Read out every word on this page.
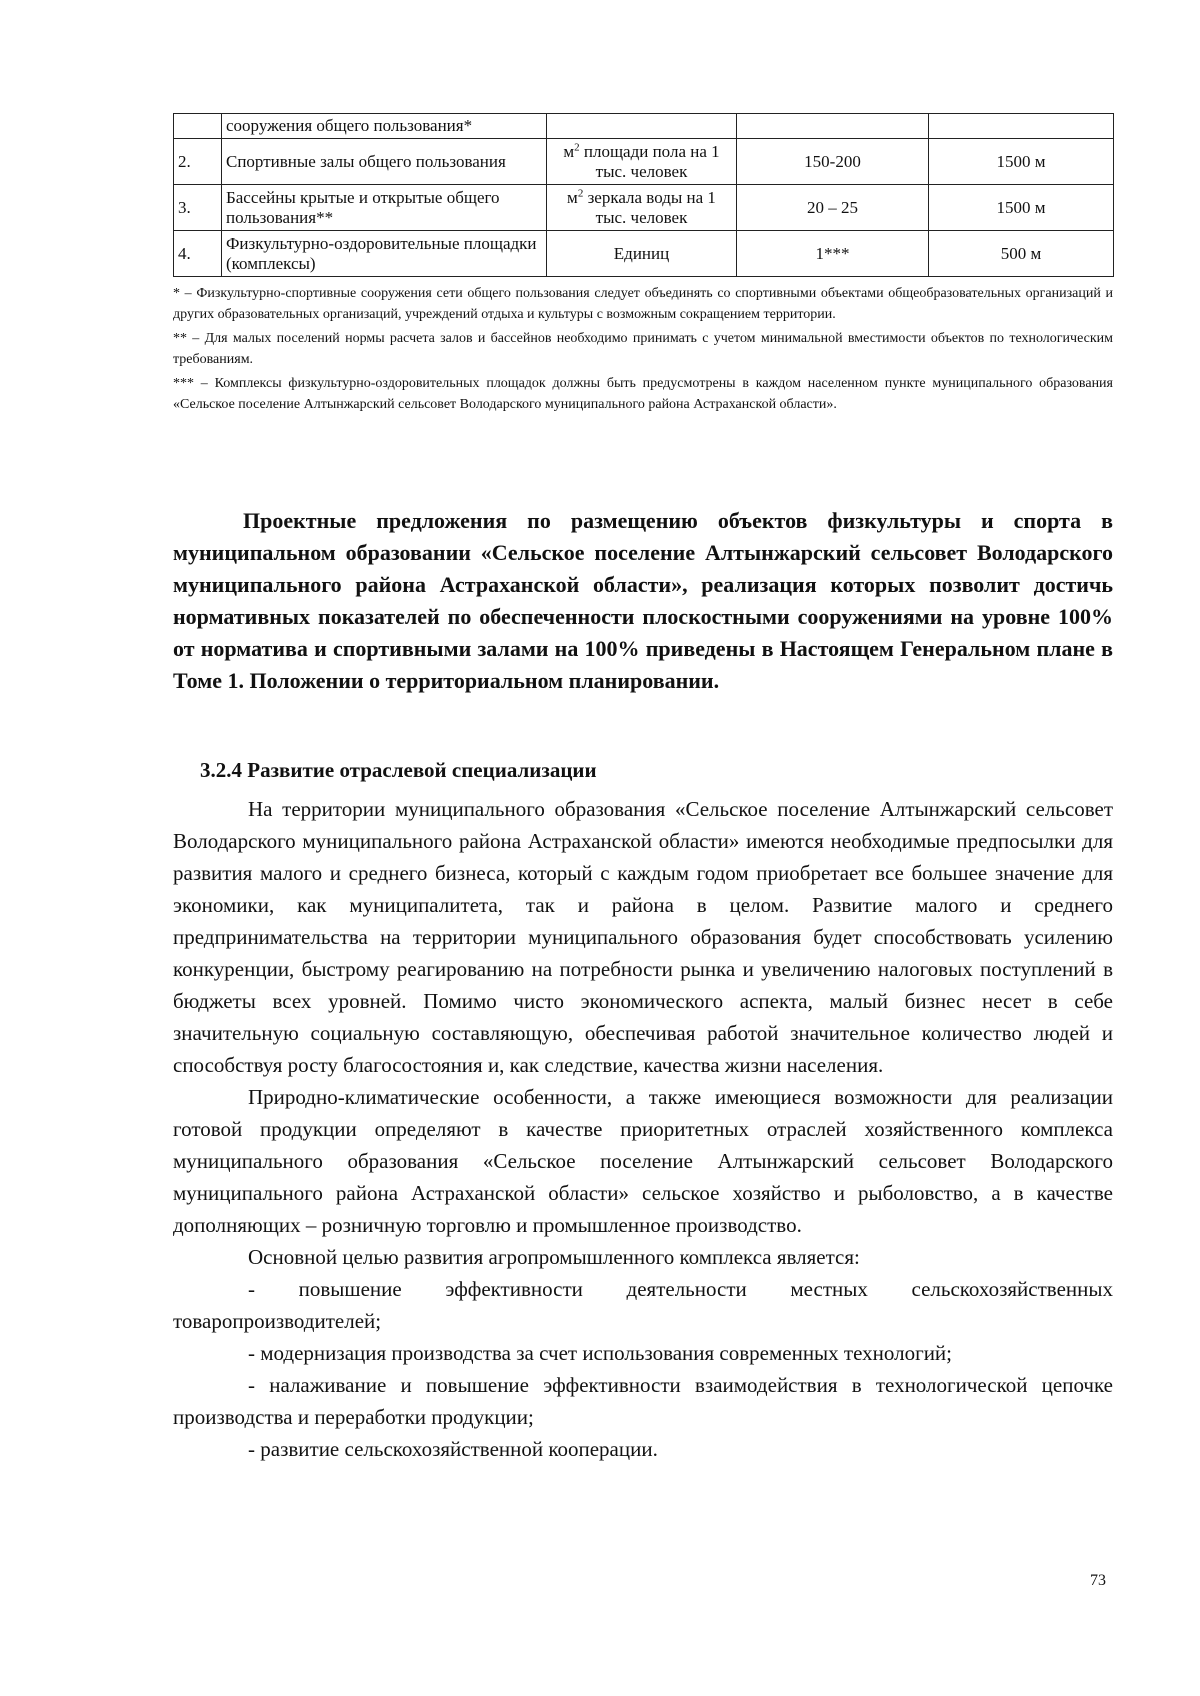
	сооружения общего пользования*			
2.	Спортивные залы общего пользования	$м^2$ площади пола на 1 тыс. человек	150-200	1500 м
3.	Бассейны крытые и открытые общего пользования**	$м^2$ зеркала воды на 1 тыс. человек	20 – 25	1500 м
4.	Физкультурно-оздоровительные площадки (комплексы)	Единиц	1***	500 м

* – Физкультурно-спортивные сооружения сети общего пользования следует объединять со спортивными объектами общеобразовательных организаций и других образовательных организаций, учреждений отдыха и культуры с возможным сокращением территории.

** – Для малых поселений нормы расчета залов и бассейнов необходимо принимать с учетом минимальной вместимости объектов по технологическим требованиям.

*** – Комплексы физкультурно-оздоровительных площадок должны быть предусмотрены в каждом населенном пункте муниципального образования «Сельское поселение Алтынжарский сельсовет Володарского муниципального района Астраханской области».

Проектные предложения по размещению объектов физкультуры и спорта в муниципальном образовании «Сельское поселение Алтынжарский сельсовет Володарского муниципального района Астраханской области», реализация которых позволит достичь нормативных показателей по обеспеченности плоскостными сооружениями на уровне 100% от норматива и спортивными залами на 100% приведены в Настоящем Генеральном плане в Томе 1. Положении о территориальном планировании.

3.2.4 Развитие отраслевой специализации

На территории муниципального образования «Сельское поселение Алтынжарский сельсовет Володарского муниципального района Астраханской области» имеются необходимые предпосылки для развития малого и среднего бизнеса, который с каждым годом приобретает все большее значение для экономики, как муниципалитета, так и района в целом. Развитие малого и среднего предпринимательства на территории муниципального образования будет способствовать усилению конкуренции, быстрому реагированию на потребности рынка и увеличению налоговых поступлений в бюджеты всех уровней. Помимо чисто экономического аспекта, малый бизнес несет в себе значительную социальную составляющую, обеспечивая работой значительное количество людей и способствуя росту благосостояния и, как следствие, качества жизни населения.

Природно-климатические особенности, а также имеющиеся возможности для реализации готовой продукции определяют в качестве приоритетных отраслей хозяйственного комплекса муниципального образования «Сельское поселение Алтынжарский сельсовет Володарского муниципального района Астраханской области» сельское хозяйство и рыболовство, а в качестве дополняющих – розничную торговлю и промышленное производство.

Основной целью развития агропромышленного комплекса является:

- повышение эффективности деятельности местных сельскохозяйственных товаропроизводителей;

- модернизация производства за счет использования современных технологий;

- налаживание и повышение эффективности взаимодействия в технологической цепочке производства и переработки продукции;

- развитие сельскохозяйственной кооперации.

73
